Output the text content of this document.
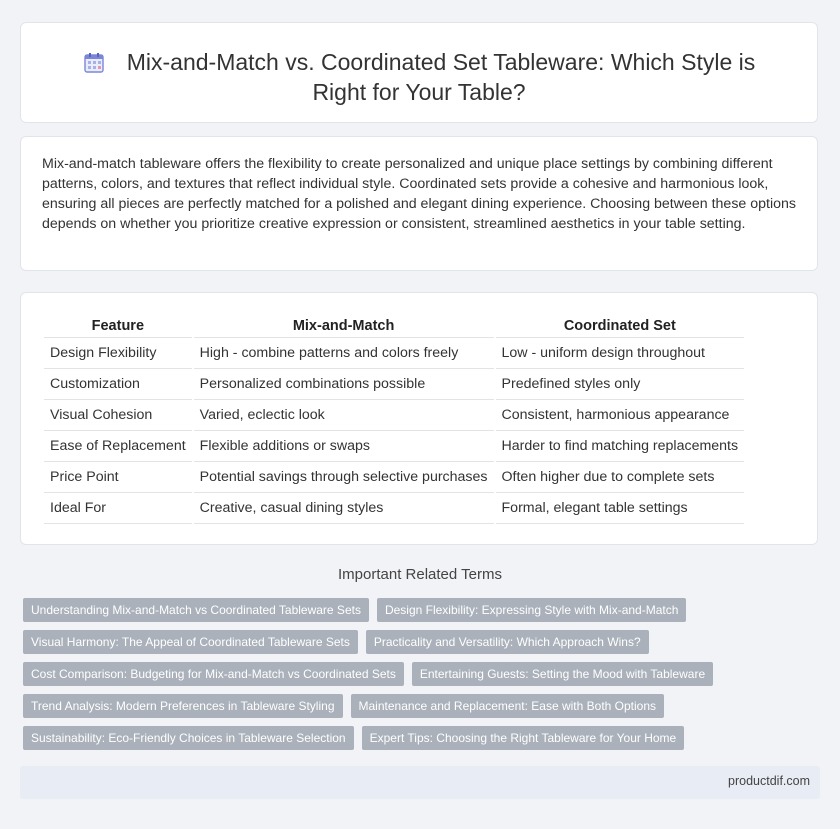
Mix-and-Match vs. Coordinated Set Tableware: Which Style is Right for Your Table?

Mix-and-match tableware offers the flexibility to create personalized and unique place settings by combining different patterns, colors, and textures that reflect individual style. Coordinated sets provide a cohesive and harmonious look, ensuring all pieces are perfectly matched for a polished and elegant dining experience. Choosing between these options depends on whether you prioritize creative expression or consistent, streamlined aesthetics in your table setting.

Feature	Mix-and-Match	Coordinated Set
Design Flexibility	High - combine patterns and colors freely	Low - uniform design throughout
Customization	Personalized combinations possible	Predefined styles only
Visual Cohesion	Varied, eclectic look	Consistent, harmonious appearance
Ease of Replacement	Flexible additions or swaps	Harder to find matching replacements
Price Point	Potential savings through selective purchases	Often higher due to complete sets
Ideal For	Creative, casual dining styles	Formal, elegant table settings
Important Related Terms
Understanding Mix-and-Match vs Coordinated Tableware Sets	Design Flexibility: Expressing Style with Mix-and-Match
Visual Harmony: The Appeal of Coordinated Tableware Sets	Practicality and Versatility: Which Approach Wins?
Cost Comparison: Budgeting for Mix-and-Match vs Coordinated Sets	Entertaining Guests: Setting the Mood with Tableware
Trend Analysis: Modern Preferences in Tableware Styling	Maintenance and Replacement: Ease with Both Options
Sustainability: Eco-Friendly Choices in Tableware Selection	Expert Tips: Choosing the Right Tableware for Your Home
productdif.com
